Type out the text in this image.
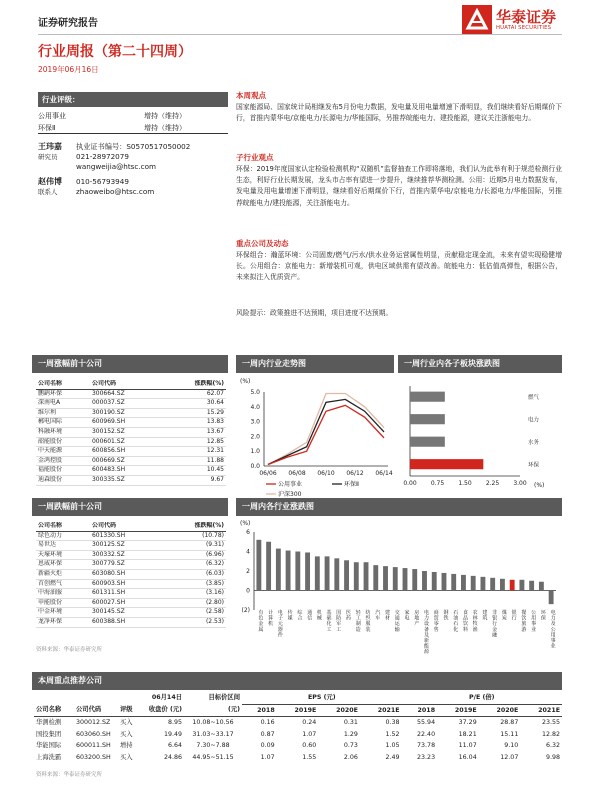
证券研究报告	华泰证券
HUATAI SECURITIES
行业周报（第二十四周）
2019年06月16日
行业评级：
公用事业	增持（维持）
环保Ⅱ	增持（维持）
王玮嘉 执业证书编号：S0570517050002
研究员	021-28972079
wangweijia@htsc.com
赵伟博 010-56793949
联系人	zhaoweibo@htsc.com
本周观点
国家能源局、国家统计局相继发布5月份电力数据，发电量及用电量增速下滑明显，我们继续看好后期煤价下行，首推内蒙华电/京能电力/长源电力/华能国际，另推荐皖能电力、建投能源，建议关注浙能电力。
子行业观点
环保：2019年度国家认定检验检测机构“双随机”监督抽查工作即将落地，我们认为此举有利于规范检测行业生态，利好行业长期发展，龙头市占率有望进一步提升，继续推荐华测检测。公用：近期5月电力数据发布，发电量及用电量增速下滑明显，继续看好后期煤价下行，首推内蒙华电/京能电力/长源电力/华能国际，另推荐皖能电力/建投能源，关注浙能电力。
重点公司及动态
环保组合：瀚蓝环境：公司固废/燃气/污水/供水业务运营属性明显，贡献稳定现金流，未来有望实现稳健增长。公用组合：京能电力：新增装机可观，供电区域供需有望改善。皖能电力：低估值高弹性，根据公告，未来拟注入优质资产。
风险提示：政策推进不达预期，项目进度不达预期。
一周涨幅前十公司
公司名称	公司代码	涨跌幅(%)
鹏鹞环保	300664.SZ	62.07
深南电A	000037.SZ	30.64
维尔利	300190.SZ	15.29
郴电国际	600969.SH	13.83
科融环境	300152.SZ	13.67
韶能股份	000601.SZ	12.85
中天能源	600856.SH	12.31
金鸿控股	000669.SZ	11.88
福能股份	600483.SH	10.45
迪森股份	300335.SZ	9.67
一周跌幅前十公司
公司名称	公司代码	涨跌幅(%)
绿色动力	601330.SH	(10.78)
易世达	300125.SZ	(9.31)
天壕环境	300332.SZ	(6.96)
恩威环保	300779.SZ	(6.32)
新疆火炬	603080.SH	(6.03)
首创燃气	600903.SH	(3.85)
中海油服	601311.SH	(3.16)
申能股份	600027.SH	(2.80)
中金环境	300145.SZ	(2.58)
龙净环保	600388.SH	(2.53)
资料来源：华泰证券研究所
一周内行业走势图
(%)
5.0
4.0
3.0
2.0
1.0
0.0
06/06 06/08 06/10 06/12 06/14
公用事业	环保Ⅱ
沪深300
一周行业内各子板块涨跌图
(%)
燃气
电力
水务
环保
0.00 0.75 1.50 2.25 3.00
一周内各行业涨跌图
(%)
6
4
2
0
(2) 有色金属
计算机
电子元器件
传媒
综合
通信
机械
基础化工
国防军工
医药
轻工制造
纺织服装
汽车
建材
交通运输
家电
房地产
电力设备及新能源
商贸零售
钢铁
石油石化
食品饮料
农林牧渔
建筑
非银行金融
煤炭
银行
餐饮旅游
公用事业
环保
电力及公用事业
本周重点推荐公司
			06月14日	目标价区间	EPS (元)				P/E (倍)			
公司名称	公司代码	评级	收盘价 (元)	(元)	2018	2019E	2020E	2021E	2018	2019E	2020E	2021E
华测检测	300012.SZ	买入	8.95	10.08~10.56	0.16	0.24	0.31	0.38	55.94	37.29	28.87	23.55
国投集团	603060.SH	买入	19.49	31.03~33.17	0.87	1.07	1.29	1.52	22.40	18.21	15.11	12.82
华能国际	600011.SH	增持	6.64	7.30~7.88	0.09	0.60	0.73	1.05	73.78	11.07	9.10	6.32
上海洗霸	603200.SH	买入	24.86	44.95~51.15	1.07	1.55	2.06	2.49	23.23	16.04	12.07	9.98
资料来源：华泰证券研究所
